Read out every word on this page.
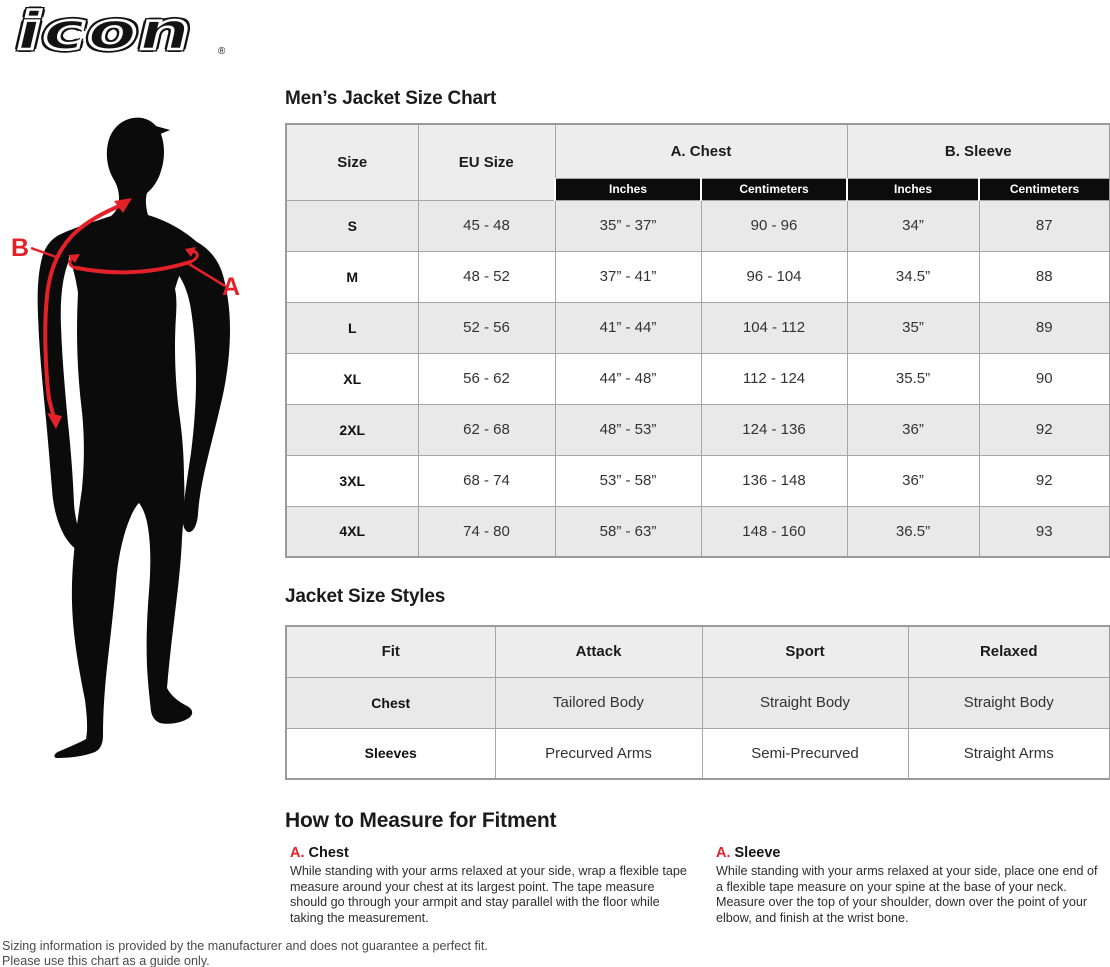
icon ®
B
A
Men’s Jacket Size Chart
Size	EU Size	A. Chest		B. Sleeve	
		Inches	Centimeters	Inches	Centimeters
S	45 - 48	35” - 37”	90 - 96	34”	87
M	48 - 52	37” - 41”	96 - 104	34.5”	88
L	52 - 56	41” - 44”	104 - 112	35”	89
XL	56 - 62	44” - 48”	112 - 124	35.5”	90
2XL	62 - 68	48” - 53”	124 - 136	36”	92
3XL	68 - 74	53” - 58”	136 - 148	36”	92
4XL	74 - 80	58” - 63”	148 - 160	36.5”	93
Jacket Size Styles
Fit	Attack	Sport	Relaxed
Chest	Tailored Body	Straight Body	Straight Body
Sleeves	Precurved Arms	Semi-Precurved	Straight Arms
How to Measure for Fitment
A. Chest
While standing with your arms relaxed at your side, wrap a flexible tape measure around your chest at its largest point. The tape measure should go through your armpit and stay parallel with the floor while taking the measurement.
A. Sleeve
While standing with your arms relaxed at your side, place one end of a flexible tape measure on your spine at the base of your neck. Measure over the top of your shoulder, down over the point of your elbow, and finish at the wrist bone.
Sizing information is provided by the manufacturer and does not guarantee a perfect fit.
Please use this chart as a guide only.
